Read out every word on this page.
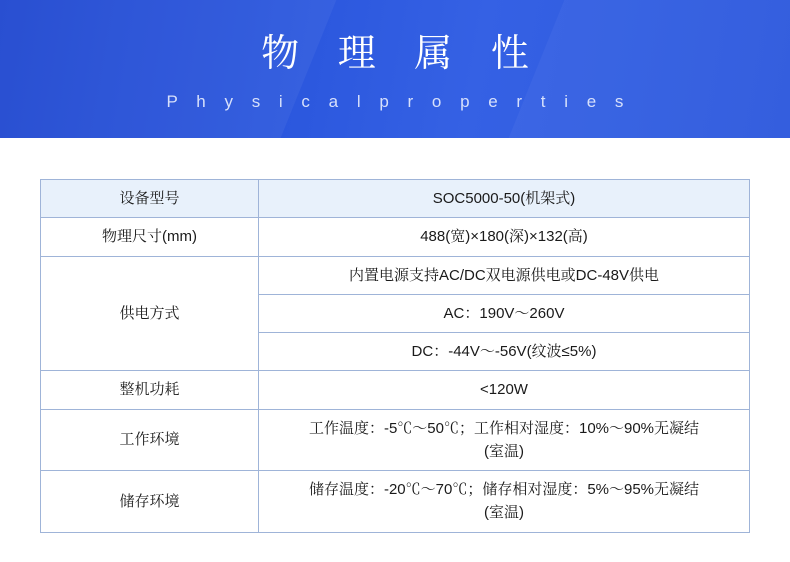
物 理 属 性
P h y s i c a l p r o p e r t i e s
设备型号	SOC5000-50(机架式)
物理尺寸(mm)	488(宽)×180(深)×132(高)
供电方式	内置电源支持AC/DC双电源供电或DC-48V供电
	AC：190V～260V
	DC：-44V～-56V(纹波≤5%)
整机功耗	<120W
工作环境	工作温度：-5℃～50℃；工作相对湿度：10%～90%无凝结
(室温)

储存环境	储存温度：-20℃～70℃；储存相对湿度：5%～95%无凝结
(室温)
